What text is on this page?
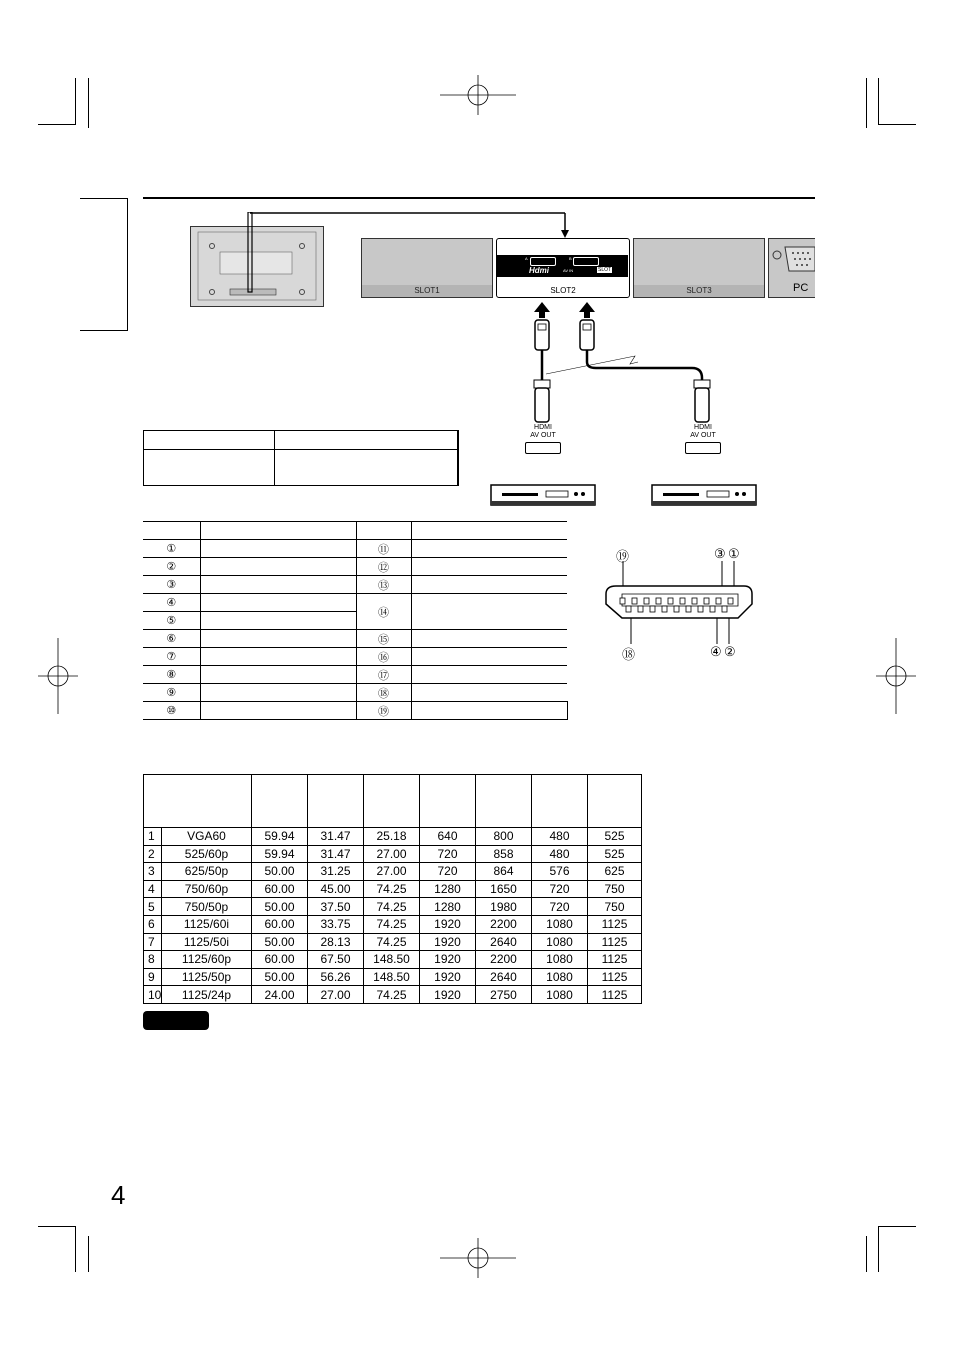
SLOT1
A	B
Hdmi	AV IN	SLOT
SLOT2	SLOT3	PC
HDMI
AV OUT
HDMI
AV OUT

①		⑪	
②		⑫	
③		⑬	
④		⑭	
⑤			
⑥		⑮	
⑦		⑯	
⑧		⑰	
⑨		⑱	
⑩		⑲	
⑲	③ ①
⑱	④ ②

1	VGA60	59.94	31.47	25.18	640	800	480	525
2	525/60p	59.94	31.47	27.00	720	858	480	525
3	625/50p	50.00	31.25	27.00	720	864	576	625
4	750/60p	60.00	45.00	74.25	1280	1650	720	750
5	750/50p	50.00	37.50	74.25	1280	1980	720	750
6	1125/60i	60.00	33.75	74.25	1920	2200	1080	1125
7	1125/50i	50.00	28.13	74.25	1920	2640	1080	1125
8	1125/60p	60.00	67.50	148.50	1920	2200	1080	1125
9	1125/50p	50.00	56.26	148.50	1920	2640	1080	1125
10	1125/24p	24.00	27.00	74.25	1920	2750	1080	1125
4
